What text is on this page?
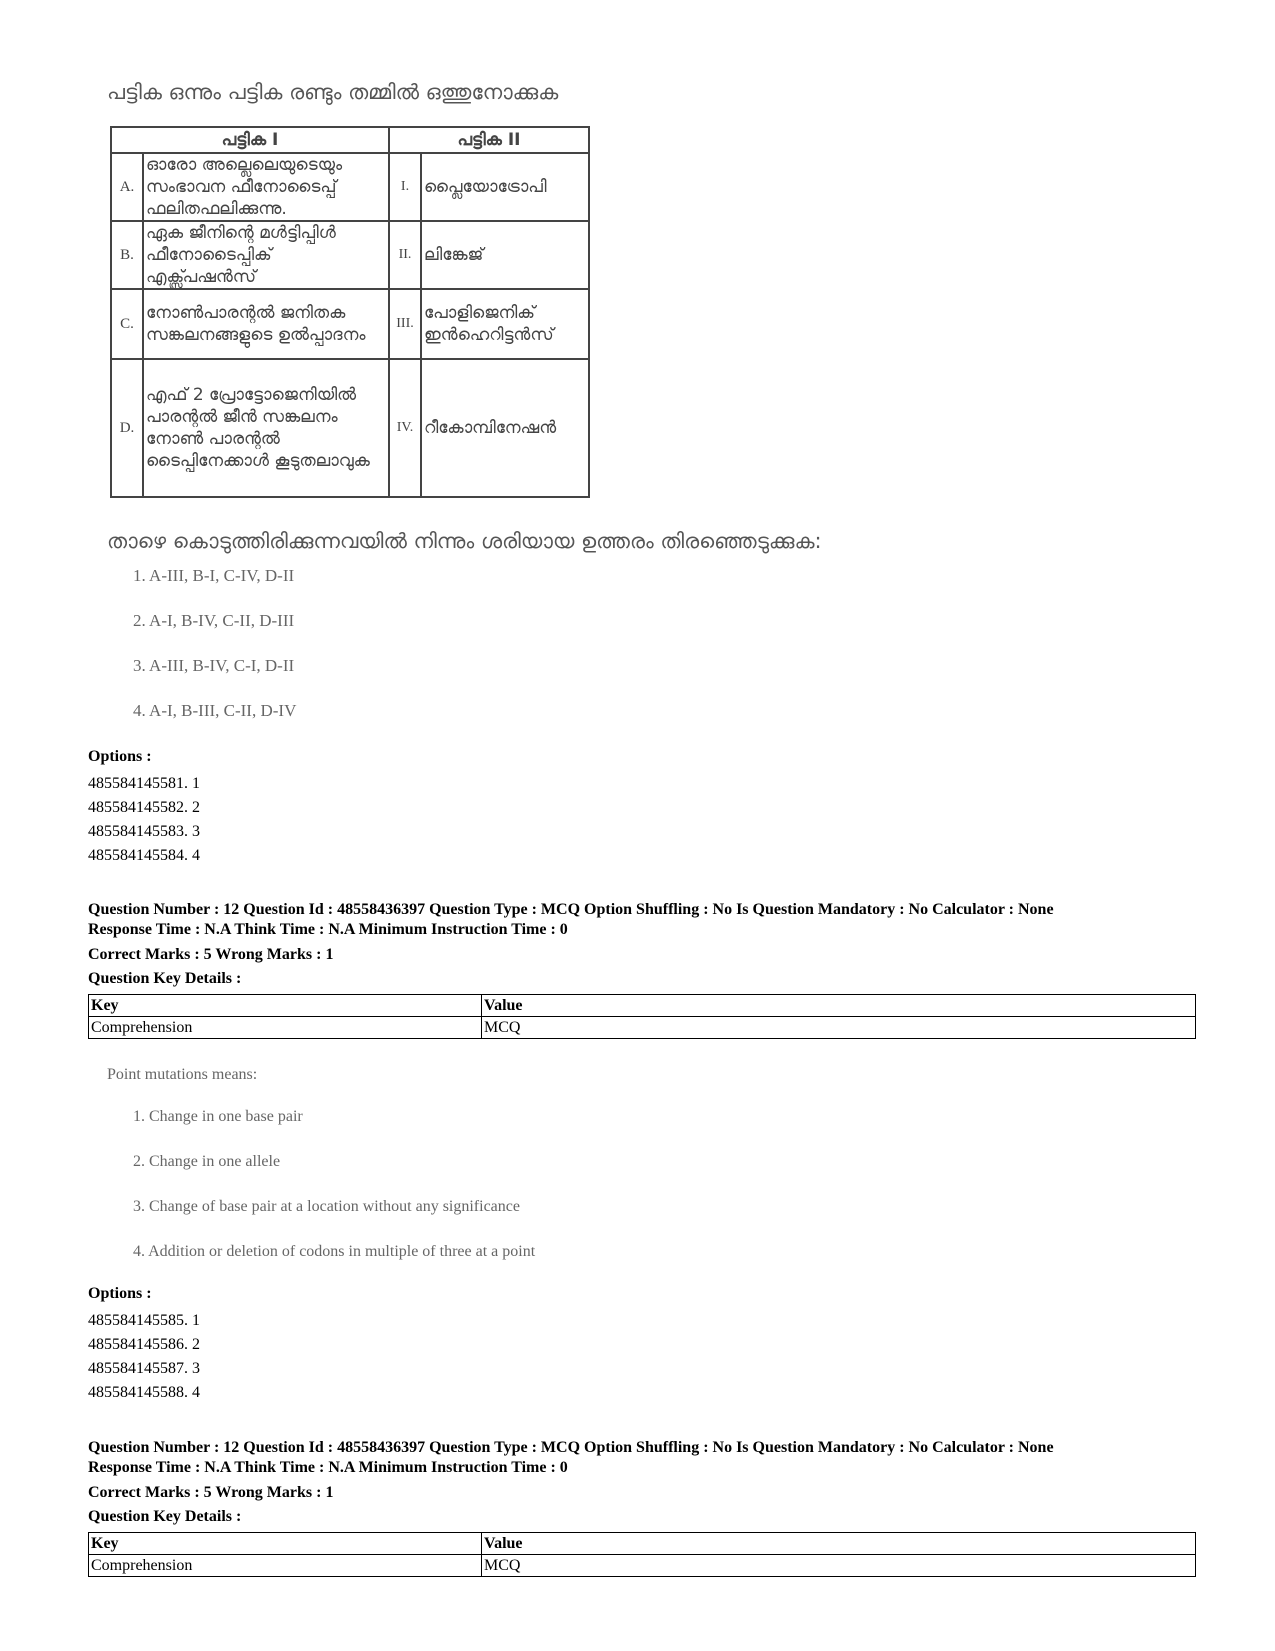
പട്ടിക ഒന്നും പട്ടിക രണ്ടും തമ്മിൽ ഒത്തുനോക്കുക
പട്ടിക I		പട്ടിക II	
A.	ഓരോ അല്ലെലെയുടെയും സംഭാവന ഫീനോടൈപ്പ് ഫലിതഫലിക്കുന്നു.	I.	പ്ലൈയോട്രോപി
B.	ഏക ജീനിന്റെ മൾട്ടിപ്പിൾ ഫീനോടൈപ്പിക് എക്സ്പ്രഷൻസ്	II.	ലിങ്കേജ്
C.	നോൺപാരന്റൽ ജനിതക സങ്കലനങ്ങളുടെ ഉൽപ്പാദനം	III.	പോളിജെനിക് ഇൻഹെറിട്ടൻസ്
D.	എഫ് 2 പ്രോട്ടോജെനിയിൽ പാരന്റൽ ജീൻ സങ്കലനം നോൺ പാരന്റൽ ടൈപ്പിനേക്കാൾ കൂടുതലാവുക	IV.	റീകോമ്പിനേഷൻ
താഴെ കൊടുത്തിരിക്കുന്നവയിൽ നിന്നും ശരിയായ ഉത്തരം തിരഞ്ഞെടുക്കുക:
1. A-III, B-I, C-IV, D-II
2. A-I, B-IV, C-II, D-III
3. A-III, B-IV, C-I, D-II
4. A-I, B-III, C-II, D-IV
Options :
485584145581. 1
485584145582. 2
485584145583. 3
485584145584. 4
Question Number : 12 Question Id : 48558436397 Question Type : MCQ Option Shuffling : No Is Question Mandatory : No Calculator : None
Response Time : N.A Think Time : N.A Minimum Instruction Time : 0
Correct Marks : 5 Wrong Marks : 1
Question Key Details :
Key	Value
Comprehension	MCQ
Point mutations means:
1. Change in one base pair
2. Change in one allele
3. Change of base pair at a location without any significance
4. Addition or deletion of codons in multiple of three at a point
Options :
485584145585. 1
485584145586. 2
485584145587. 3
485584145588. 4
Question Number : 12 Question Id : 48558436397 Question Type : MCQ Option Shuffling : No Is Question Mandatory : No Calculator : None
Response Time : N.A Think Time : N.A Minimum Instruction Time : 0
Correct Marks : 5 Wrong Marks : 1
Question Key Details :
Key	Value
Comprehension	MCQ
